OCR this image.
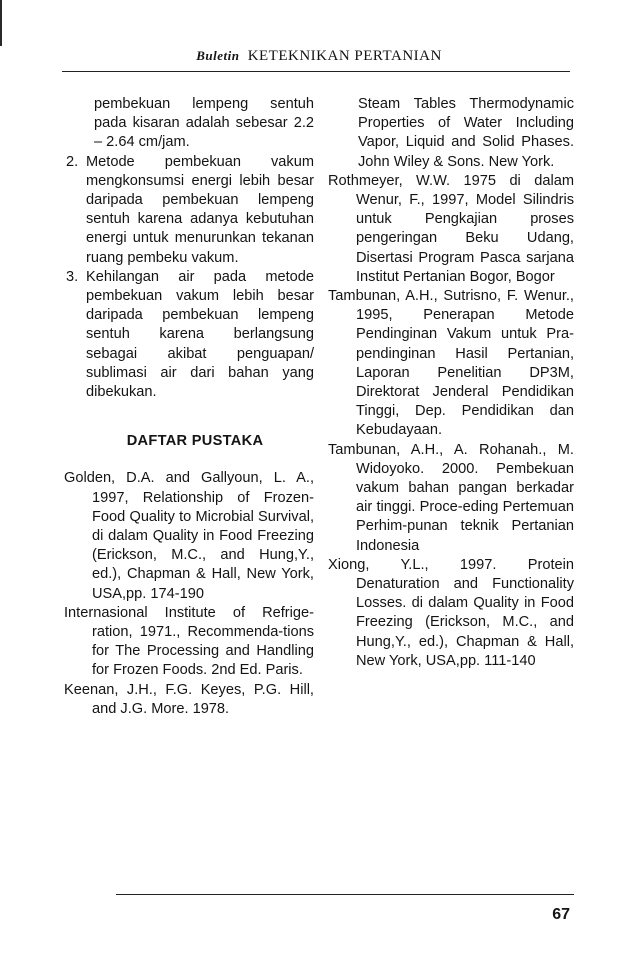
Buletin KETEKNIKAN PERTANIAN
pembekuan lempeng sentuh pada kisaran adalah sebesar 2.2 – 2.64 cm/jam.
2. Metode pembekuan vakum mengkonsumsi energi lebih besar daripada pembekuan lempeng sentuh karena adanya kebutuhan energi untuk menurunkan tekanan ruang pembeku vakum.
3. Kehilangan air pada metode pembekuan vakum lebih besar daripada pembekuan lempeng sentuh karena berlangsung sebagai akibat penguapan/ sublimasi air dari bahan yang dibekukan.
DAFTAR PUSTAKA
Golden, D.A. and Gallyoun, L. A., 1997, Relationship of Frozen-Food Quality to Microbial Survival, di dalam Quality in Food Freezing (Erickson, M.C., and Hung,Y., ed.), Chapman & Hall, New York, USA,pp. 174-190
Internasional Institute of Refrige-ration, 1971., Recommenda-tions for The Processing and Handling for Frozen Foods. 2nd Ed. Paris.
Keenan, J.H., F.G. Keyes, P.G. Hill, and J.G. More. 1978.
Steam Tables Thermodynamic Properties of Water Including Vapor, Liquid and Solid Phases. John Wiley & Sons. New York.
Rothmeyer, W.W. 1975 di dalam Wenur, F., 1997, Model Silindris untuk Pengkajian proses pengeringan Beku Udang, Disertasi Program Pasca sarjana Institut Pertanian Bogor, Bogor
Tambunan, A.H., Sutrisno, F. Wenur., 1995, Penerapan Metode Pendinginan Vakum untuk Pra-pendinginan Hasil Pertanian, Laporan Penelitian DP3M, Direktorat Jenderal Pendidikan Tinggi, Dep. Pendidikan dan Kebudayaan.
Tambunan, A.H., A. Rohanah., M. Widoyoko. 2000. Pembekuan vakum bahan pangan berkadar air tinggi. Proce-eding Pertemuan Perhim-punan teknik Pertanian Indonesia
Xiong, Y.L., 1997. Protein Denaturation and Functionality Losses. di dalam Quality in Food Freezing (Erickson, M.C., and Hung,Y., ed.), Chapman & Hall, New York, USA,pp. 111-140
67
